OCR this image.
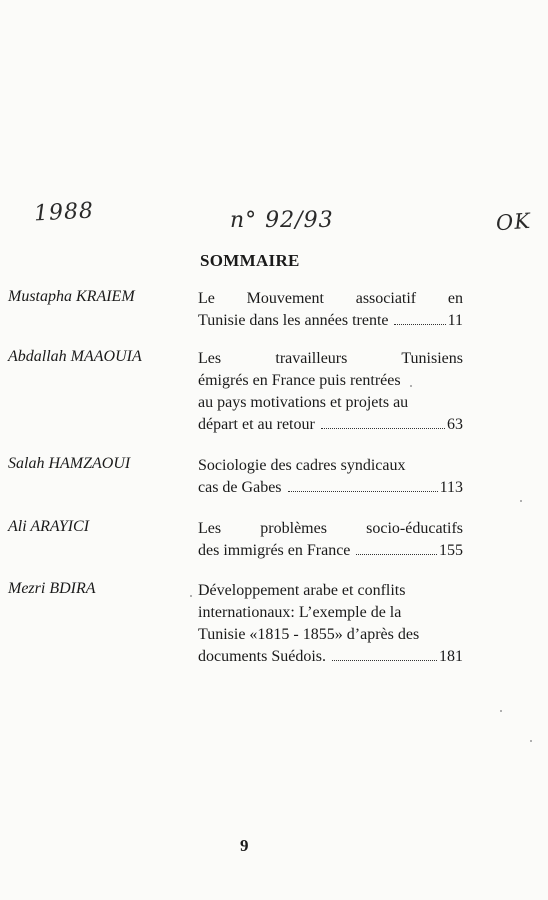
1988	n° 92/93	OK
SOMMAIRE
Mustapha KRAIEM	Le Mouvement associatif en
Tunisie dans les années trente	11
Abdallah MAAOUIA	Les travailleurs Tunisiens
émigrés en France puis rentrées
au pays motivations et projets au
départ et au retour	63
Salah HAMZAOUI	Sociologie des cadres syndicaux
cas de Gabes	113
Ali ARAYICI	Les problèmes socio-éducatifs
des immigrés en France	155
Mezri BDIRA	Développement arabe et conflits
internationaux: L’exemple de la
Tunisie «1815 - 1855» d’après des
documents Suédois.	181
9
